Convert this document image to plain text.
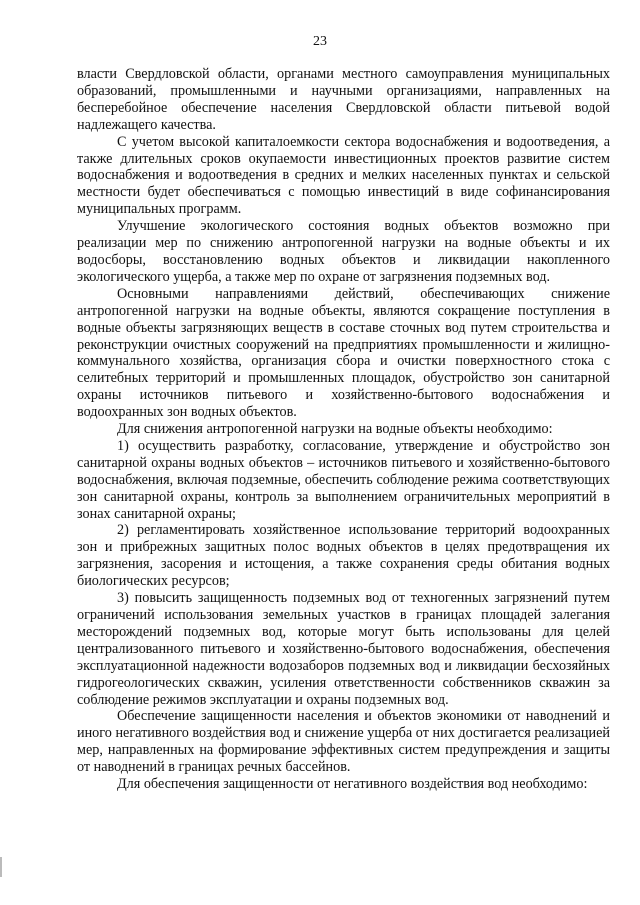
23

власти Свердловской области, органами местного самоуправления муниципальных образований, промышленными и научными организациями, направленных на бесперебойное обеспечение населения Свердловской области питьевой водой надлежащего качества.

С учетом высокой капиталоемкости сектора водоснабжения и водоотведения, а также длительных сроков окупаемости инвестиционных проектов развитие систем водоснабжения и водоотведения в средних и мелких населенных пунктах и сельской местности будет обеспечиваться с помощью инвестиций в виде софинансирования муниципальных программ.

Улучшение экологического состояния водных объектов возможно при реализации мер по снижению антропогенной нагрузки на водные объекты и их водосборы, восстановлению водных объектов и ликвидации накопленного экологического ущерба, а также мер по охране от загрязнения подземных вод.

Основными направлениями действий, обеспечивающих снижение антропогенной нагрузки на водные объекты, являются сокращение поступления в водные объекты загрязняющих веществ в составе сточных вод путем строительства и реконструкции очистных сооружений на предприятиях промышленности и жилищно-коммунального хозяйства, организация сбора и очистки поверхностного стока с селитебных территорий и промышленных площадок, обустройство зон санитарной охраны источников питьевого и хозяйственно-бытового водоснабжения и водоохранных зон водных объектов.

Для снижения антропогенной нагрузки на водные объекты необходимо:

1) осуществить разработку, согласование, утверждение и обустройство зон санитарной охраны водных объектов – источников питьевого и хозяйственно-бытового водоснабжения, включая подземные, обеспечить соблюдение режима соответствующих зон санитарной охраны, контроль за выполнением ограничительных мероприятий в зонах санитарной охраны;

2) регламентировать хозяйственное использование территорий водоохранных зон и прибрежных защитных полос водных объектов в целях предотвращения их загрязнения, засорения и истощения, а также сохранения среды обитания водных биологических ресурсов;

3) повысить защищенность подземных вод от техногенных загрязнений путем ограничений использования земельных участков в границах площадей залегания месторождений подземных вод, которые могут быть использованы для целей централизованного питьевого и хозяйственно-бытового водоснабжения, обеспечения эксплуатационной надежности водозаборов подземных вод и ликвидации бесхозяйных гидрогеологических скважин, усиления ответственности собственников скважин за соблюдение режимов эксплуатации и охраны подземных вод.

Обеспечение защищенности населения и объектов экономики от наводнений и иного негативного воздействия вод и снижение ущерба от них достигается реализацией мер, направленных на формирование эффективных систем предупреждения и защиты от наводнений в границах речных бассейнов.

Для обеспечения защищенности от негативного воздействия вод необходимо:
